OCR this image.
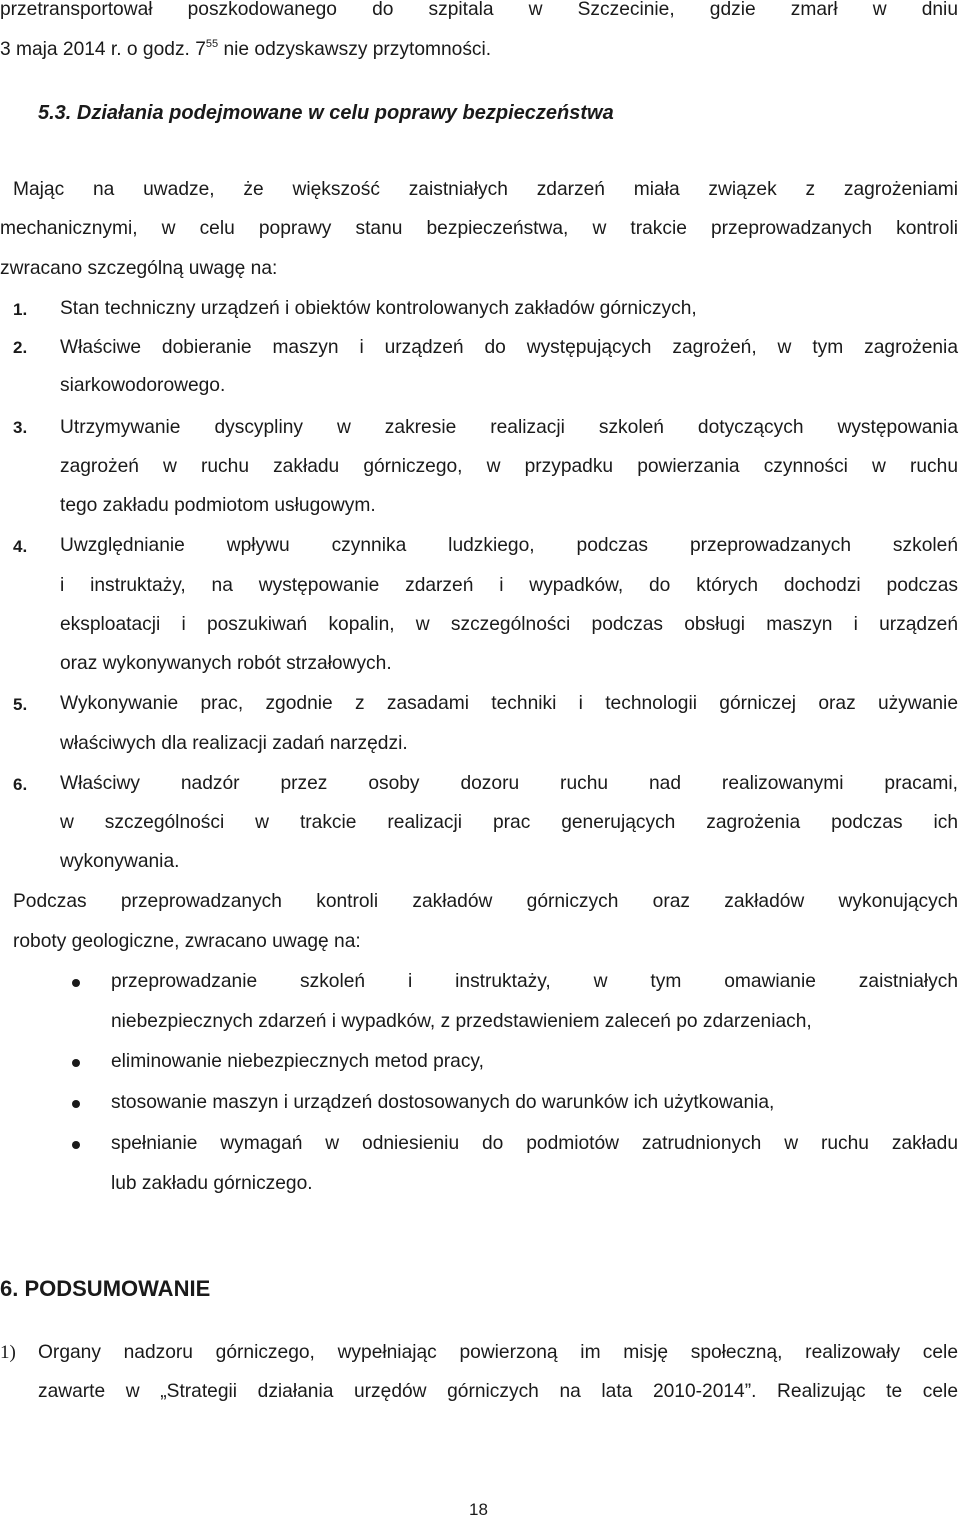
przetransportował poszkodowanego do szpitala w Szczecinie, gdzie zmarł w dniu
3 maja 2014 r. o godz. $7^{55}$ nie odzyskawszy przytomności.
5.3. Działania podejmowane w celu poprawy bezpieczeństwa
Mając na uwadze, że większość zaistniałych zdarzeń miała związek z zagrożeniami
mechanicznymi, w celu poprawy stanu bezpieczeństwa, w trakcie przeprowadzanych kontroli
zwracano szczególną uwagę na:
1. Stan techniczny urządzeń i obiektów kontrolowanych zakładów górniczych,
2. Właściwe dobieranie maszyn i urządzeń do występujących zagrożeń, w tym zagrożenia
siarkowodorowego.
3. Utrzymywanie dyscypliny w zakresie realizacji szkoleń dotyczących występowania
zagrożeń w ruchu zakładu górniczego, w przypadku powierzania czynności w ruchu
tego zakładu podmiotom usługowym.
4. Uwzględnianie wpływu czynnika ludzkiego, podczas przeprowadzanych szkoleń
i instruktaży, na występowanie zdarzeń i wypadków, do których dochodzi podczas
eksploatacji i poszukiwań kopalin, w szczególności podczas obsługi maszyn i urządzeń
oraz wykonywanych robót strzałowych.
5. Wykonywanie prac, zgodnie z zasadami techniki i technologii górniczej oraz używanie
właściwych dla realizacji zadań narzędzi.
6. Właściwy nadzór przez osoby dozoru ruchu nad realizowanymi pracami,
w szczególności w trakcie realizacji prac generujących zagrożenia podczas ich
wykonywania.
Podczas przeprowadzanych kontroli zakładów górniczych oraz zakładów wykonujących
roboty geologiczne, zwracano uwagę na:
przeprowadzanie szkoleń i instruktaży, w tym omawianie zaistniałych
niebezpiecznych zdarzeń i wypadków, z przedstawieniem zaleceń po zdarzeniach,
eliminowanie niebezpiecznych metod pracy,
stosowanie maszyn i urządzeń dostosowanych do warunków ich użytkowania,
spełnianie wymagań w odniesieniu do podmiotów zatrudnionych w ruchu zakładu
lub zakładu górniczego.
6. PODSUMOWANIE
1) Organy nadzoru górniczego, wypełniając powierzoną im misję społeczną, realizowały cele
zawarte w „Strategii działania urzędów górniczych na lata 2010-2014”. Realizując te cele
18
